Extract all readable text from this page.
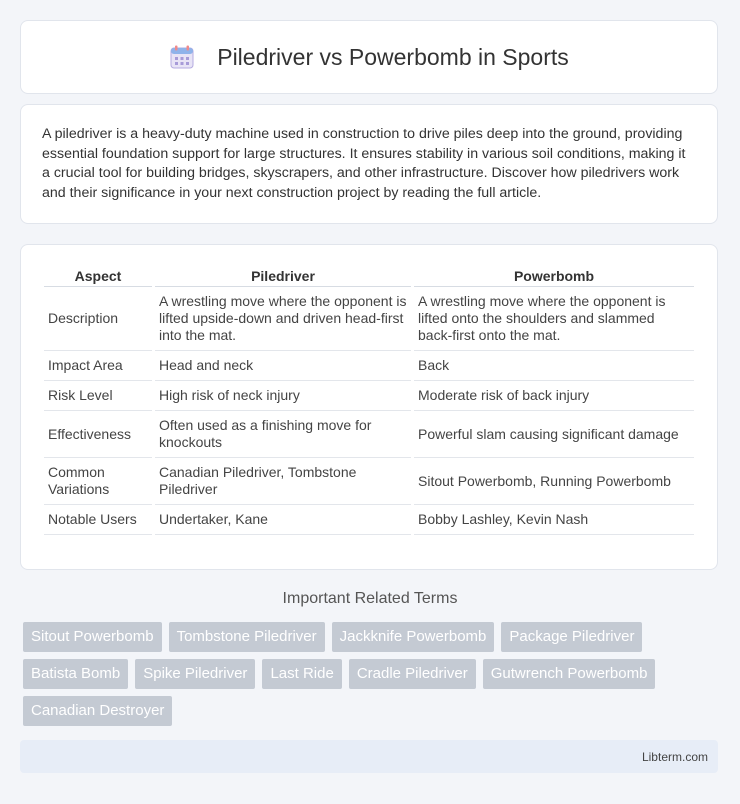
Piledriver vs Powerbomb in Sports

A piledriver is a heavy-duty machine used in construction to drive piles deep into the ground, providing essential foundation support for large structures. It ensures stability in various soil conditions, making it a crucial tool for building bridges, skyscrapers, and other infrastructure. Discover how piledrivers work and their significance in your next construction project by reading the full article.

Aspect	Piledriver	Powerbomb
Description	A wrestling move where the opponent is lifted upside-down and driven head-first into the mat.	A wrestling move where the opponent is lifted onto the shoulders and slammed back-first onto the mat.
Impact Area	Head and neck	Back
Risk Level	High risk of neck injury	Moderate risk of back injury
Effectiveness	Often used as a finishing move for knockouts	Powerful slam causing significant damage
Common Variations	Canadian Piledriver, Tombstone Piledriver	Sitout Powerbomb, Running Powerbomb
Notable Users	Undertaker, Kane	Bobby Lashley, Kevin Nash
Important Related Terms
Sitout Powerbomb	Tombstone Piledriver	Jackknife Powerbomb	Package Piledriver
Batista Bomb	Spike Piledriver	Last Ride	Cradle Piledriver	Gutwrench Powerbomb
Canadian Destroyer
Libterm.com
